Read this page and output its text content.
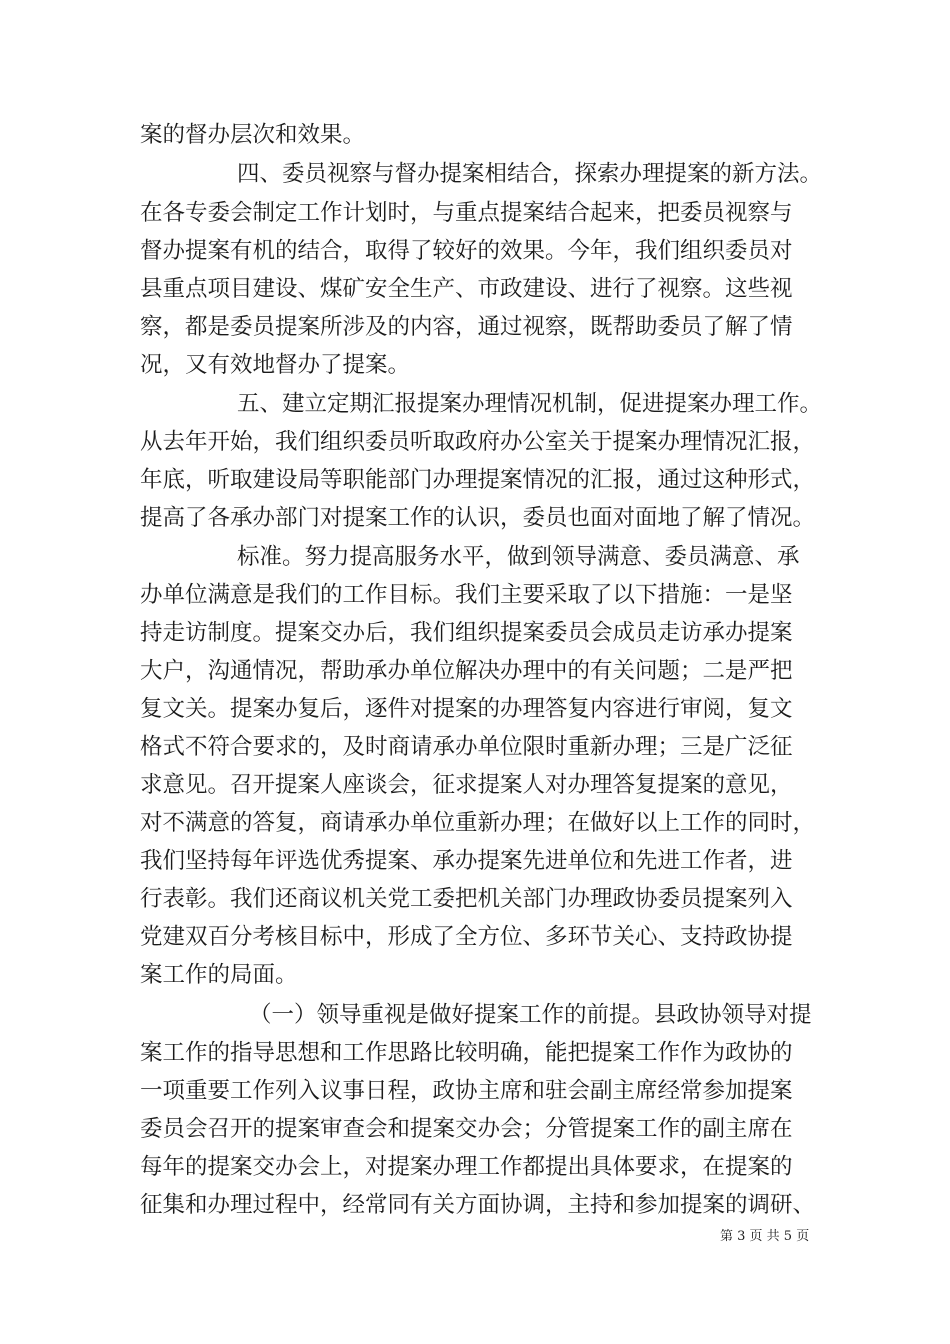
案的督办层次和效果。
四、委员视察与督办提案相结合，探索办理提案的新方法。
在各专委会制定工作计划时，与重点提案结合起来，把委员视察与
督办提案有机的结合，取得了较好的效果。今年，我们组织委员对
县重点项目建设、煤矿安全生产、市政建设、进行了视察。这些视
察，都是委员提案所涉及的内容，通过视察，既帮助委员了解了情
况，又有效地督办了提案。
五、建立定期汇报提案办理情况机制，促进提案办理工作。
从去年开始，我们组织委员听取政府办公室关于提案办理情况汇报，
年底，听取建设局等职能部门办理提案情况的汇报，通过这种形式，
提高了各承办部门对提案工作的认识，委员也面对面地了解了情况。
标准。努力提高服务水平，做到领导满意、委员满意、承
办单位满意是我们的工作目标。我们主要采取了以下措施：一是坚
持走访制度。提案交办后，我们组织提案委员会成员走访承办提案
大户，沟通情况，帮助承办单位解决办理中的有关问题；二是严把
复文关。提案办复后，逐件对提案的办理答复内容进行审阅，复文
格式不符合要求的，及时商请承办单位限时重新办理；三是广泛征
求意见。召开提案人座谈会，征求提案人对办理答复提案的意见，
对不满意的答复，商请承办单位重新办理；在做好以上工作的同时，
我们坚持每年评选优秀提案、承办提案先进单位和先进工作者，进
行表彰。我们还商议机关党工委把机关部门办理政协委员提案列入
党建双百分考核目标中，形成了全方位、多环节关心、支持政协提
案工作的局面。
（一）领导重视是做好提案工作的前提。县政协领导对提
案工作的指导思想和工作思路比较明确，能把提案工作作为政协的
一项重要工作列入议事日程，政协主席和驻会副主席经常参加提案
委员会召开的提案审查会和提案交办会；分管提案工作的副主席在
每年的提案交办会上，对提案办理工作都提出具体要求，在提案的
征集和办理过程中，经常同有关方面协调，主持和参加提案的调研、
第 3 页 共 5 页
